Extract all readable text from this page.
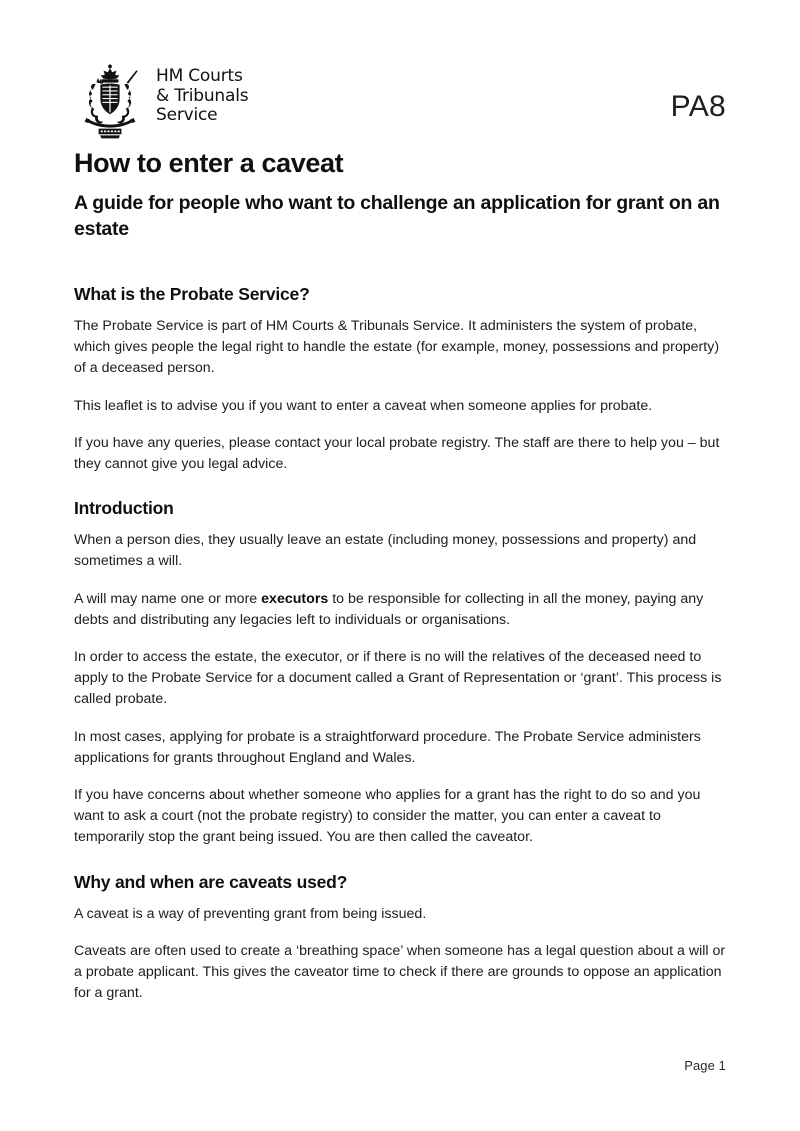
HM Courts
& Tribunals
Service	PA8
How to enter a caveat
A guide for people who want to challenge an application for grant on an estate
What is the Probate Service?

The Probate Service is part of HM Courts & Tribunals Service. It administers the system of probate, which gives people the legal right to handle the estate (for example, money, possessions and property) of a deceased person.

This leaflet is to advise you if you want to enter a caveat when someone applies for probate.

If you have any queries, please contact your local probate registry. The staff are there to help you – but they cannot give you legal advice.

Introduction

When a person dies, they usually leave an estate (including money, possessions and property) and sometimes a will.

A will may name one or more executors to be responsible for collecting in all the money, paying any debts and distributing any legacies left to individuals or organisations.

In order to access the estate, the executor, or if there is no will the relatives of the deceased need to apply to the Probate Service for a document called a Grant of Representation or ‘grant’. This process is called probate.

In most cases, applying for probate is a straightforward procedure. The Probate Service administers applications for grants throughout England and Wales.

If you have concerns about whether someone who applies for a grant has the right to do so and you want to ask a court (not the probate registry) to consider the matter, you can enter a caveat to temporarily stop the grant being issued. You are then called the caveator.

Why and when are caveats used?

A caveat is a way of preventing grant from being issued.

Caveats are often used to create a ‘breathing space’ when someone has a legal question about a will or a probate applicant. This gives the caveator time to check if there are grounds to oppose an application for a grant.

Page 1
